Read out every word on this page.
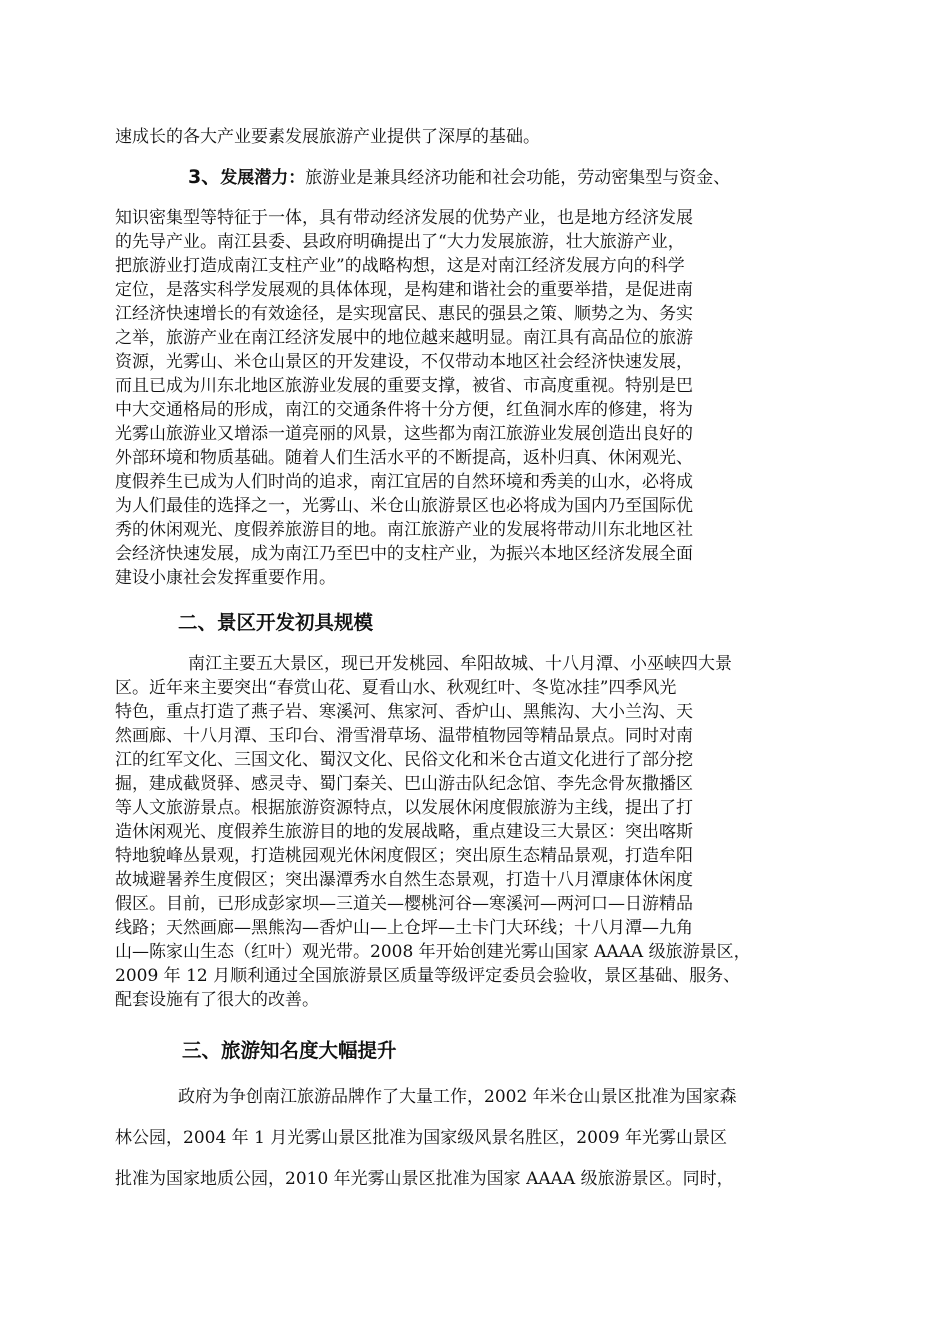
速成长的各大产业要素发展旅游产业提供了深厚的基础。
3、发展潜力：旅游业是兼具经济功能和社会功能，劳动密集型与资金、
知识密集型等特征于一体，具有带动经济发展的优势产业，也是地方经济发展
的先导产业。南江县委、县政府明确提出了“大力发展旅游，壮大旅游产业，
把旅游业打造成南江支柱产业”的战略构想，这是对南江经济发展方向的科学
定位，是落实科学发展观的具体体现，是构建和谐社会的重要举措，是促进南
江经济快速增长的有效途径，是实现富民、惠民的强县之策、顺势之为、务实
之举，旅游产业在南江经济发展中的地位越来越明显。南江具有高品位的旅游
资源，光雾山、米仓山景区的开发建设，不仅带动本地区社会经济快速发展，
而且已成为川东北地区旅游业发展的重要支撑，被省、市高度重视。特别是巴
中大交通格局的形成，南江的交通条件将十分方便，红鱼洞水库的修建，将为
光雾山旅游业又增添一道亮丽的风景，这些都为南江旅游业发展创造出良好的
外部环境和物质基础。随着人们生活水平的不断提高，返朴归真、休闲观光、
度假养生已成为人们时尚的追求，南江宜居的自然环境和秀美的山水，必将成
为人们最佳的选择之一，光雾山、米仓山旅游景区也必将成为国内乃至国际优
秀的休闲观光、度假养旅游目的地。南江旅游产业的发展将带动川东北地区社
会经济快速发展，成为南江乃至巴中的支柱产业，为振兴本地区经济发展全面
建设小康社会发挥重要作用。
二、景区开发初具规模
南江主要五大景区，现已开发桃园、牟阳故城、十八月潭、小巫峡四大景
区。近年来主要突出“春赏山花、夏看山水、秋观红叶、冬览冰挂”四季风光
特色，重点打造了燕子岩、寒溪河、焦家河、香炉山、黑熊沟、大小兰沟、天
然画廊、十八月潭、玉印台、滑雪滑草场、温带植物园等精品景点。同时对南
江的红军文化、三国文化、蜀汉文化、民俗文化和米仓古道文化进行了部分挖
掘，建成截贤驿、感灵寺、蜀门秦关、巴山游击队纪念馆、李先念骨灰撒播区
等人文旅游景点。根据旅游资源特点，以发展休闲度假旅游为主线，提出了打
造休闲观光、度假养生旅游目的地的发展战略，重点建设三大景区：突出喀斯
特地貌峰丛景观，打造桃园观光休闲度假区；突出原生态精品景观，打造牟阳
故城避暑养生度假区；突出瀑潭秀水自然生态景观，打造十八月潭康体休闲度
假区。目前，已形成彭家坝—三道关—樱桃河谷—寒溪河—两河口—日游精品
线路；天然画廊—黑熊沟—香炉山—上仓坪—土卡门大环线；十八月潭—九角
山—陈家山生态（红叶）观光带。2008 年开始创建光雾山国家 AAAA 级旅游景区，
2009 年 12 月顺利通过全国旅游景区质量等级评定委员会验收，景区基础、服务、
配套设施有了很大的改善。
三、旅游知名度大幅提升
政府为争创南江旅游品牌作了大量工作，2002 年米仓山景区批准为国家森
林公园，2004 年 1 月光雾山景区批准为国家级风景名胜区，2009 年光雾山景区
批准为国家地质公园，2010 年光雾山景区批准为国家 AAAA 级旅游景区。同时，
